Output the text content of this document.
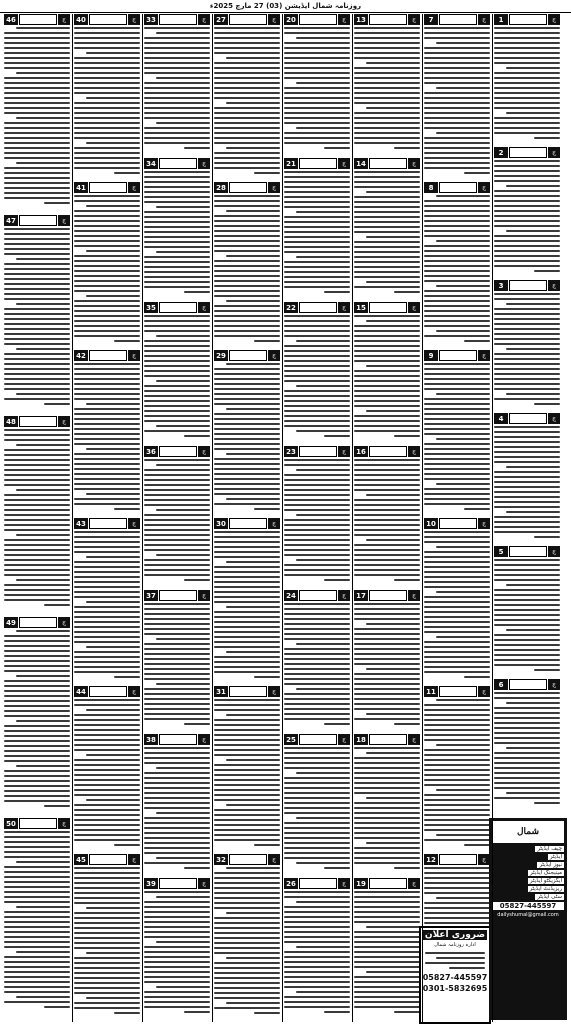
روزنامہ شمال ایڈیشن (03) 27 مارچ 2025ء
46	ج
47	ج
48	ج
49	ج
50	ج
40	ج
41	ج
42	ج
43	ج
44	ج
45	ج
33	ج
34	ج
35	ج
36	ج
37	ج
38	ج
39	ج
27	ج
28	ج
29	ج
30	ج
31	ج
32	ج
20	ج
21	ج
22	ج
23	ج
24	ج
25	ج
26	ج
13	ج
14	ج
15	ج
16	ج
17	ج
18	ج
19	ج
7	ج
8	ج
9	ج
10	ج
11	ج
12	ج
1	ج
2	ج
3	ج
4	ج
5	ج
6	ج
ضروری اعلان
ادارہ روزنامہ شمال
05827-445597
0301-5832695
شمال
چیف ایڈیٹر
ایڈیٹر
نیوز ایڈیٹر
مینیجنگ ایڈیٹر
ایگزیکٹو ایڈیٹر
ریزیڈنٹ ایڈیٹر
سٹی ایڈیٹر
05827-445597
dailyshumal@gmail.com
